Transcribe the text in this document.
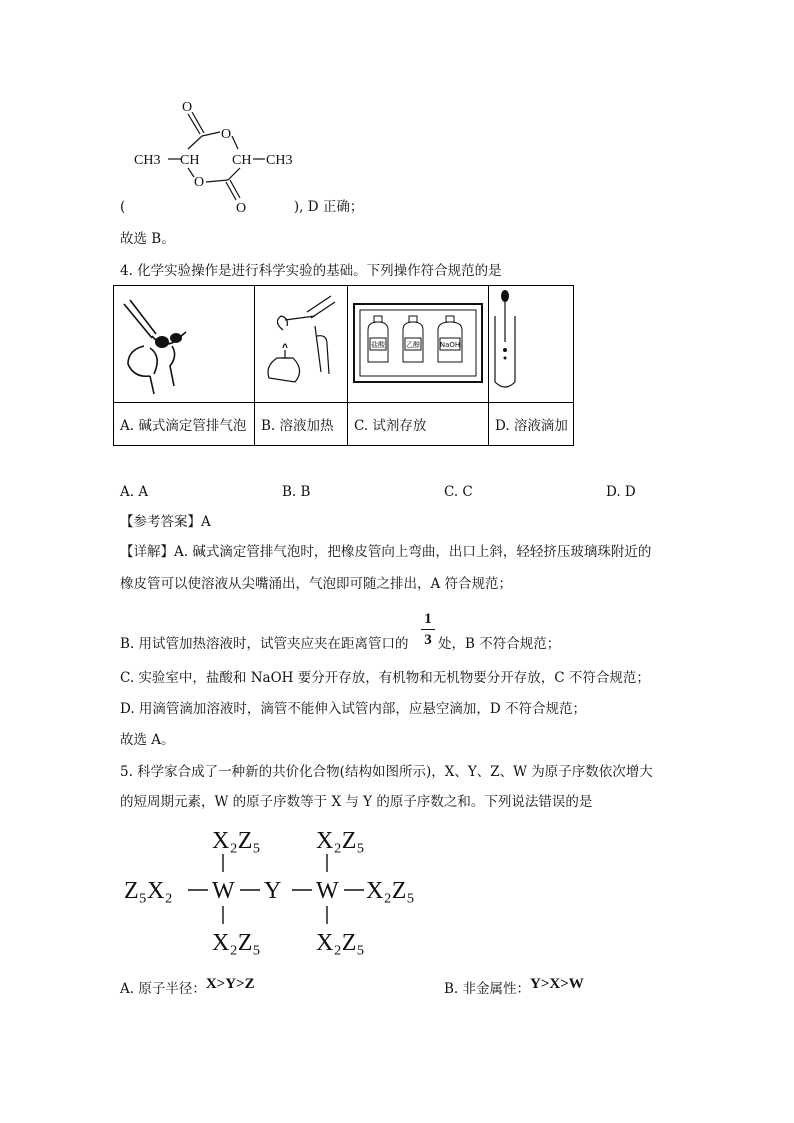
O
O
CH3 CH CH CH3
O
O
(	), D 正确；
故选 B。
4. 化学实验操作是进行科学实验的基础。下列操作符合规范的是

盐酸 乙醇 NaOH

A. 碱式滴定管排气泡	B. 溶液加热	C. 试剂存放	D. 溶液滴加
A. A	B. B	C. C	D. D
【参考答案】A
【详解】A. 碱式滴定管排气泡时，把橡皮管向上弯曲，出口上斜，轻轻挤压玻璃珠附近的
橡皮管可以使溶液从尖嘴涌出，气泡即可随之排出，A 符合规范；
B. 用试管加热溶液时，试管夹应夹在距离管口的
1
3 处，B 不符合规范；
C. 实验室中，盐酸和 NaOH 要分开存放，有机物和无机物要分开存放，C 不符合规范；
D. 用滴管滴加溶液时，滴管不能伸入试管内部，应悬空滴加，D 不符合规范；
故选 A。
5. 科学家合成了一种新的共价化合物(结构如图所示)，X、Y、Z、W 为原子序数依次增大
的短周期元素，W 的原子序数等于 X 与 Y 的原子序数之和。下列说法错误的是
X₂Z₅ X₂Z₅
Z₅X₂ W Y W X₂Z₅
X₂Z₅ X₂Z₅
A. 原子半径：X>Y>Z	B. 非金属性：Y>X>W
